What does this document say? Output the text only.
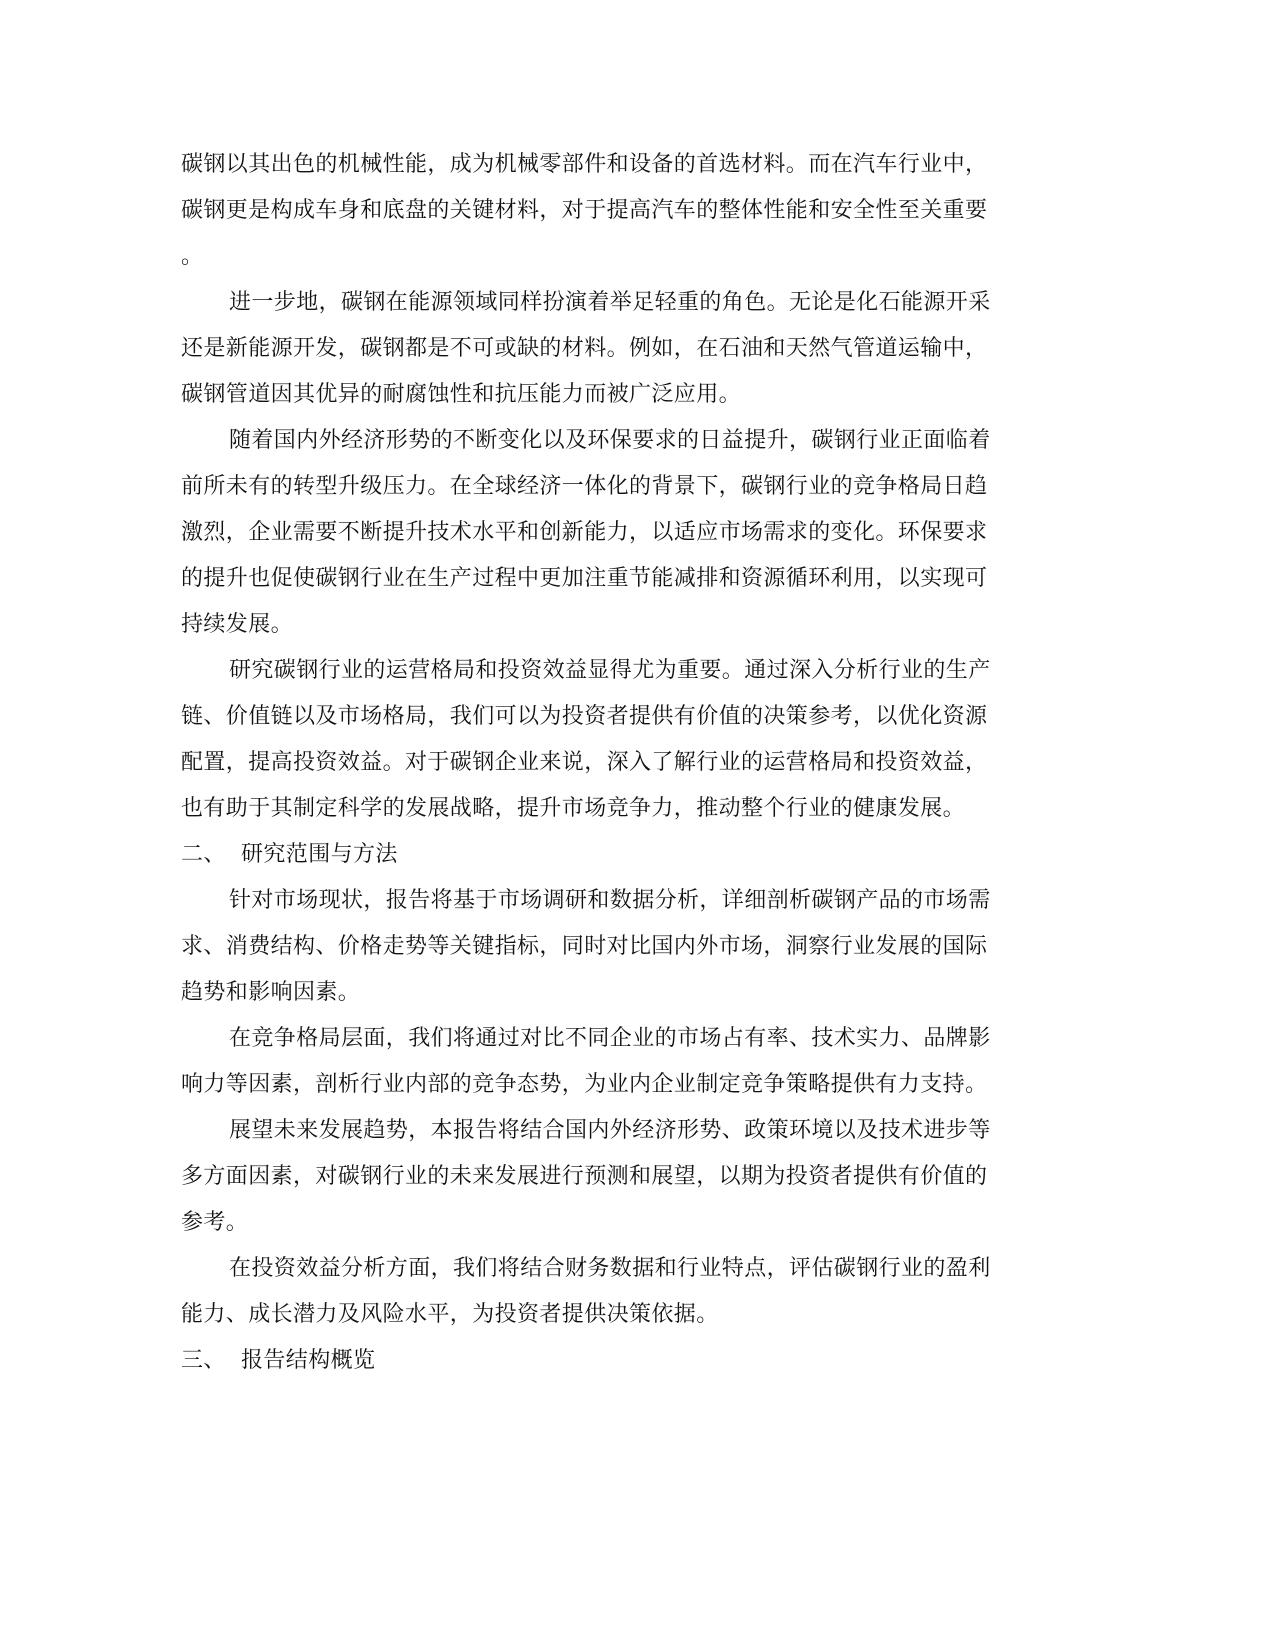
碳钢以其出色的机械性能，成为机械零部件和设备的首选材料。而在汽车行业中，
碳钢更是构成车身和底盘的关键材料，对于提高汽车的整体性能和安全性至关重要
。
进一步地，碳钢在能源领域同样扮演着举足轻重的角色。无论是化石能源开采
还是新能源开发，碳钢都是不可或缺的材料。例如，在石油和天然气管道运输中，
碳钢管道因其优异的耐腐蚀性和抗压能力而被广泛应用。
随着国内外经济形势的不断变化以及环保要求的日益提升，碳钢行业正面临着
前所未有的转型升级压力。在全球经济一体化的背景下，碳钢行业的竞争格局日趋
激烈，企业需要不断提升技术水平和创新能力，以适应市场需求的变化。环保要求
的提升也促使碳钢行业在生产过程中更加注重节能减排和资源循环利用，以实现可
持续发展。
研究碳钢行业的运营格局和投资效益显得尤为重要。通过深入分析行业的生产
链、价值链以及市场格局，我们可以为投资者提供有价值的决策参考，以优化资源
配置，提高投资效益。对于碳钢企业来说，深入了解行业的运营格局和投资效益，
也有助于其制定科学的发展战略，提升市场竞争力，推动整个行业的健康发展。
二、 研究范围与方法
针对市场现状，报告将基于市场调研和数据分析，详细剖析碳钢产品的市场需
求、消费结构、价格走势等关键指标，同时对比国内外市场，洞察行业发展的国际
趋势和影响因素。
在竞争格局层面，我们将通过对比不同企业的市场占有率、技术实力、品牌影
响力等因素，剖析行业内部的竞争态势，为业内企业制定竞争策略提供有力支持。
展望未来发展趋势，本报告将结合国内外经济形势、政策环境以及技术进步等
多方面因素，对碳钢行业的未来发展进行预测和展望，以期为投资者提供有价值的
参考。
在投资效益分析方面，我们将结合财务数据和行业特点，评估碳钢行业的盈利
能力、成长潜力及风险水平，为投资者提供决策依据。
三、 报告结构概览
